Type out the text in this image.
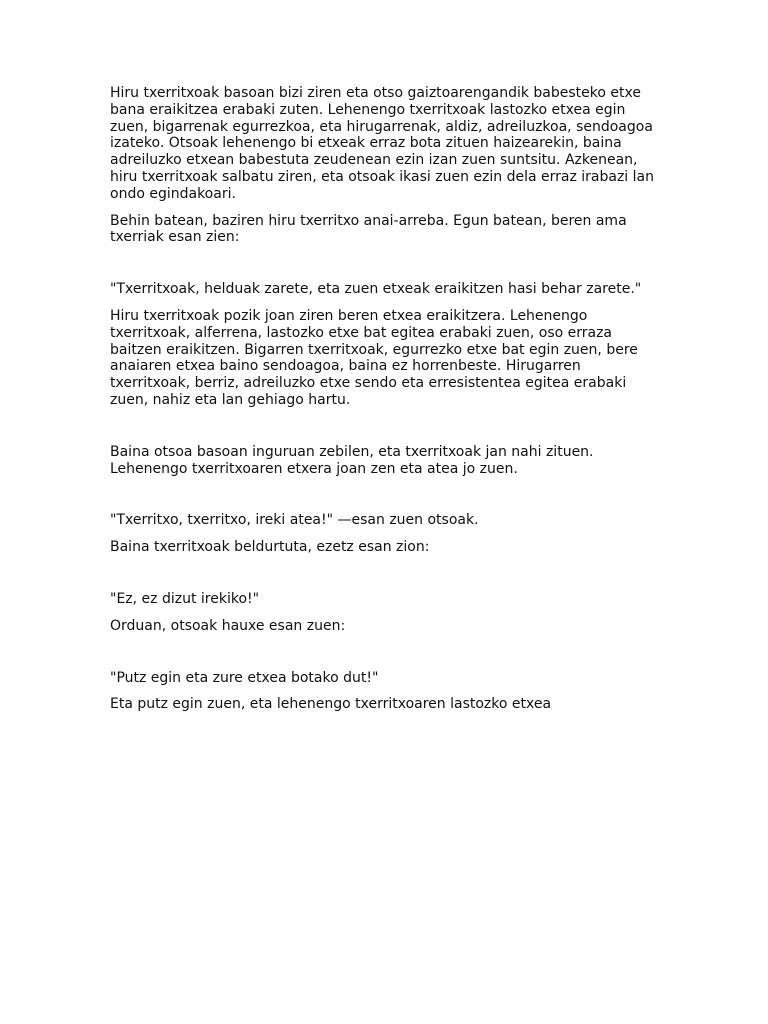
Hiru txerritxoak basoan bizi ziren eta otso gaiztoarengandik babesteko etxe bana eraikitzea erabaki zuten. Lehenengo txerritxoak lastozko etxea egin zuen, bigarrenak egurrezkoa, eta hirugarrenak, aldiz, adreiluzkoa, sendoagoa izateko. Otsoak lehenengo bi etxeak erraz bota zituen haizearekin, baina adreiluzko etxean babestuta zeudenean ezin izan zuen suntsitu. Azkenean, hiru txerritxoak salbatu ziren, eta otsoak ikasi zuen ezin dela erraz irabazi lan ondo egindakoari.

Behin batean, baziren hiru txerritxo anai-arreba. Egun batean, beren ama txerriak esan zien:

"Txerritxoak, helduak zarete, eta zuen etxeak eraikitzen hasi behar zarete."

Hiru txerritxoak pozik joan ziren beren etxea eraikitzera. Lehenengo txerritxoak, alferrena, lastozko etxe bat egitea erabaki zuen, oso erraza baitzen eraikitzen. Bigarren txerritxoak, egurrezko etxe bat egin zuen, bere anaiaren etxea baino sendoagoa, baina ez horrenbeste. Hirugarren txerritxoak, berriz, adreiluzko etxe sendo eta erresistentea egitea erabaki zuen, nahiz eta lan gehiago hartu.

Baina otsoa basoan inguruan zebilen, eta txerritxoak jan nahi zituen. Lehenengo txerritxoaren etxera joan zen eta atea jo zuen.

"Txerritxo, txerritxo, ireki atea!" —esan zuen otsoak.

Baina txerritxoak beldurtuta, ezetz esan zion:

"Ez, ez dizut irekiko!"

Orduan, otsoak hauxe esan zuen:

"Putz egin eta zure etxea botako dut!"

Eta putz egin zuen, eta lehenengo txerritxoaren lastozko etxea
